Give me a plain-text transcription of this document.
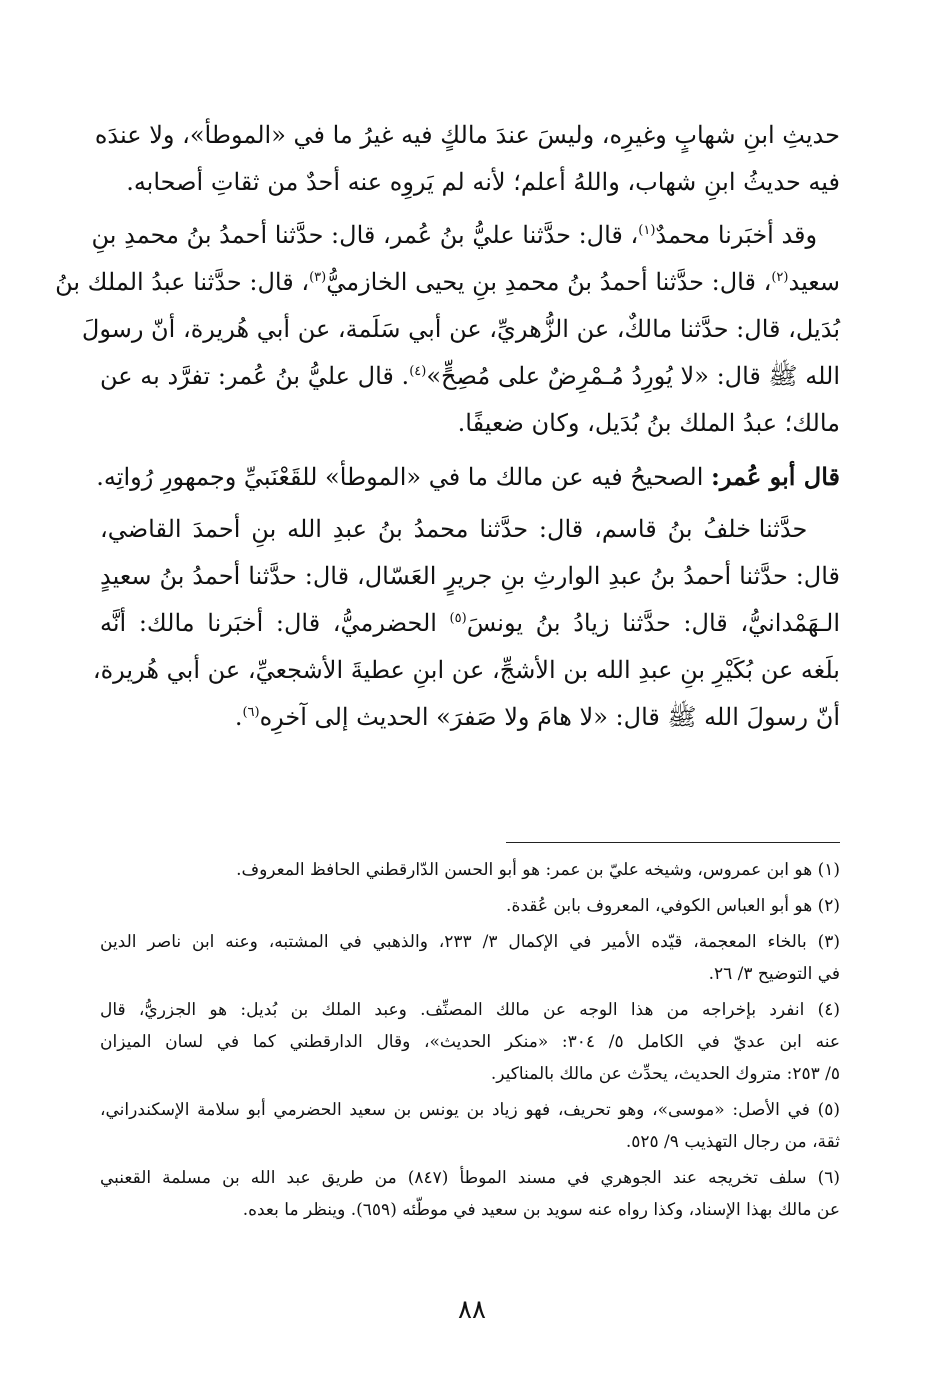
حديثِ ابنِ شهابٍ وغيرِه، وليسَ عندَ مالكٍ فيه غيرُ ما في «الموطأ»، ولا عندَه
فيه حديثُ ابنِ شهاب، واللهُ أعلم؛ لأنه لم يَروِه عنه أحدٌ من ثقاتِ أصحابه.
وقد أخبَرنا محمدٌ$^{(١)}$، قال: حدَّثنا عليُّ بنُ عُمر، قال: حدَّثنا أحمدُ بنُ محمدِ بنِ
سعيد$^{(٢)}$، قال: حدَّثنا أحمدُ بنُ محمدِ بنِ يحيى الخازميُّ$^{(٣)}$، قال: حدَّثنا عبدُ الملك بنُ
بُدَيل، قال: حدَّثنا مالكٌ، عن الزُّهريِّ، عن أبي سَلَمة، عن أبي هُريرة، أنّ رسولَ
الله ﷺ قال: «لا يُورِدُ مُـمْرِضٌ على مُصِحٍّ»$^{(٤)}$. قال عليُّ بنُ عُمر: تفرَّد به عن
مالك؛ عبدُ الملك بنُ بُدَيل، وكان ضعيفًا.
قال أبو عُمر: الصحيحُ فيه عن مالك ما في «الموطأ» للقَعْنَبيِّ وجمهورِ رُواتِه.
حدَّثنا خلفُ بنُ قاسم، قال: حدَّثنا محمدُ بنُ عبدِ الله بنِ أحمدَ القاضي،
قال: حدَّثنا أحمدُ بنُ عبدِ الوارثِ بنِ جريرٍ العَسّال، قال: حدَّثنا أحمدُ بنُ سعيدٍ
الـهَمْدانيُّ، قال: حدَّثنا زيادُ بنُ يونسَ$^{(٥)}$ الحضرميُّ، قال: أخبَرنا مالك: أنَّه
بلَغه عن بُكَيْرِ بنِ عبدِ الله بن الأشجِّ، عن ابنِ عطيةَ الأشجعيِّ، عن أبي هُريرة،
أنّ رسولَ الله ﷺ قال: «لا هامَ ولا صَفرَ» الحديث إلى آخرِه$^{(٦)}$.
(١) هو ابن عمروس، وشيخه عليّ بن عمر: هو أبو الحسن الدّارقطني الحافظ المعروف.
(٢) هو أبو العباس الكوفي، المعروف بابن عُقدة.
(٣) بالخاء المعجمة، قيّده الأمير في الإكمال ٣/ ٢٣٣، والذهبي في المشتبه، وعنه ابن ناصر الدين
في التوضيح ٣/ ٢٦.
(٤) انفرد بإخراجه من هذا الوجه عن مالك المصنِّف. وعبد الملك بن بُديل: هو الجزريُّ، قال
عنه ابن عديّ في الكامل ٥/ ٣٠٤: «منكر الحديث»، وقال الدارقطني كما في لسان الميزان
٥/ ٢٥٣: متروك الحديث، يحدِّث عن مالك بالمناكير.
(٥) في الأصل: «موسى»، وهو تحريف، فهو زياد بن يونس بن سعيد الحضرمي أبو سلامة الإسكندراني،
ثقة، من رجال التهذيب ٩/ ٥٢٥.
(٦) سلف تخريجه عند الجوهري في مسند الموطأ (٨٤٧) من طريق عبد الله بن مسلمة القعنبي
عن مالك بهذا الإسناد، وكذا رواه عنه سويد بن سعيد في موطّئه (٦٥٩). وينظر ما بعده.
٨٨
